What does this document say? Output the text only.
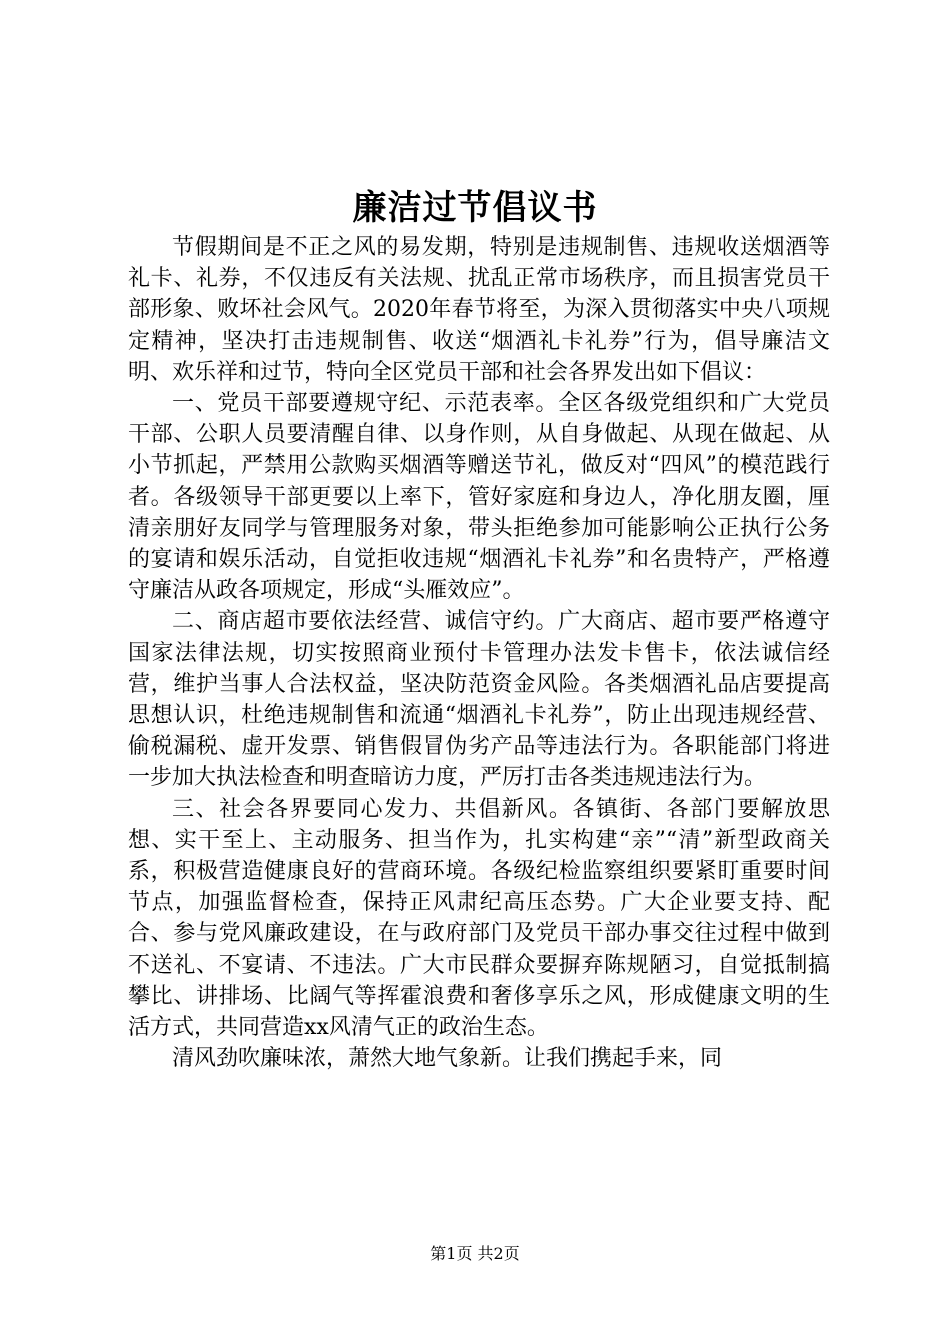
廉洁过节倡议书

节假期间是不正之风的易发期，特别是违规制售、违规收送烟酒等礼卡、礼券，不仅违反有关法规、扰乱正常市场秩序，而且损害党员干部形象、败坏社会风气。2020年春节将至，为深入贯彻落实中央八项规定精神，坚决打击违规制售、收送“烟酒礼卡礼券”行为，倡导廉洁文明、欢乐祥和过节，特向全区党员干部和社会各界发出如下倡议：

一、党员干部要遵规守纪、示范表率。全区各级党组织和广大党员干部、公职人员要清醒自律、以身作则，从自身做起、从现在做起、从小节抓起，严禁用公款购买烟酒等赠送节礼，做反对“四风”的模范践行者。各级领导干部更要以上率下，管好家庭和身边人，净化朋友圈，厘清亲朋好友同学与管理服务对象，带头拒绝参加可能影响公正执行公务的宴请和娱乐活动，自觉拒收违规“烟酒礼卡礼券”和名贵特产，严格遵守廉洁从政各项规定，形成“头雁效应”。

二、商店超市要依法经营、诚信守约。广大商店、超市要严格遵守国家法律法规，切实按照商业预付卡管理办法发卡售卡，依法诚信经营，维护当事人合法权益，坚决防范资金风险。各类烟酒礼品店要提高思想认识，杜绝违规制售和流通“烟酒礼卡礼券”，防止出现违规经营、偷税漏税、虚开发票、销售假冒伪劣产品等违法行为。各职能部门将进一步加大执法检查和明查暗访力度，严厉打击各类违规违法行为。

三、社会各界要同心发力、共倡新风。各镇街、各部门要解放思想、实干至上、主动服务、担当作为，扎实构建“亲”“清”新型政商关系，积极营造健康良好的营商环境。各级纪检监察组织要紧盯重要时间节点，加强监督检查，保持正风肃纪高压态势。广大企业要支持、配合、参与党风廉政建设，在与政府部门及党员干部办事交往过程中做到不送礼、不宴请、不违法。广大市民群众要摒弃陈规陋习，自觉抵制搞攀比、讲排场、比阔气等挥霍浪费和奢侈享乐之风，形成健康文明的生活方式，共同营造xx风清气正的政治生态。

清风劲吹廉味浓，萧然大地气象新。让我们携起手来，同

第1页 共2页
